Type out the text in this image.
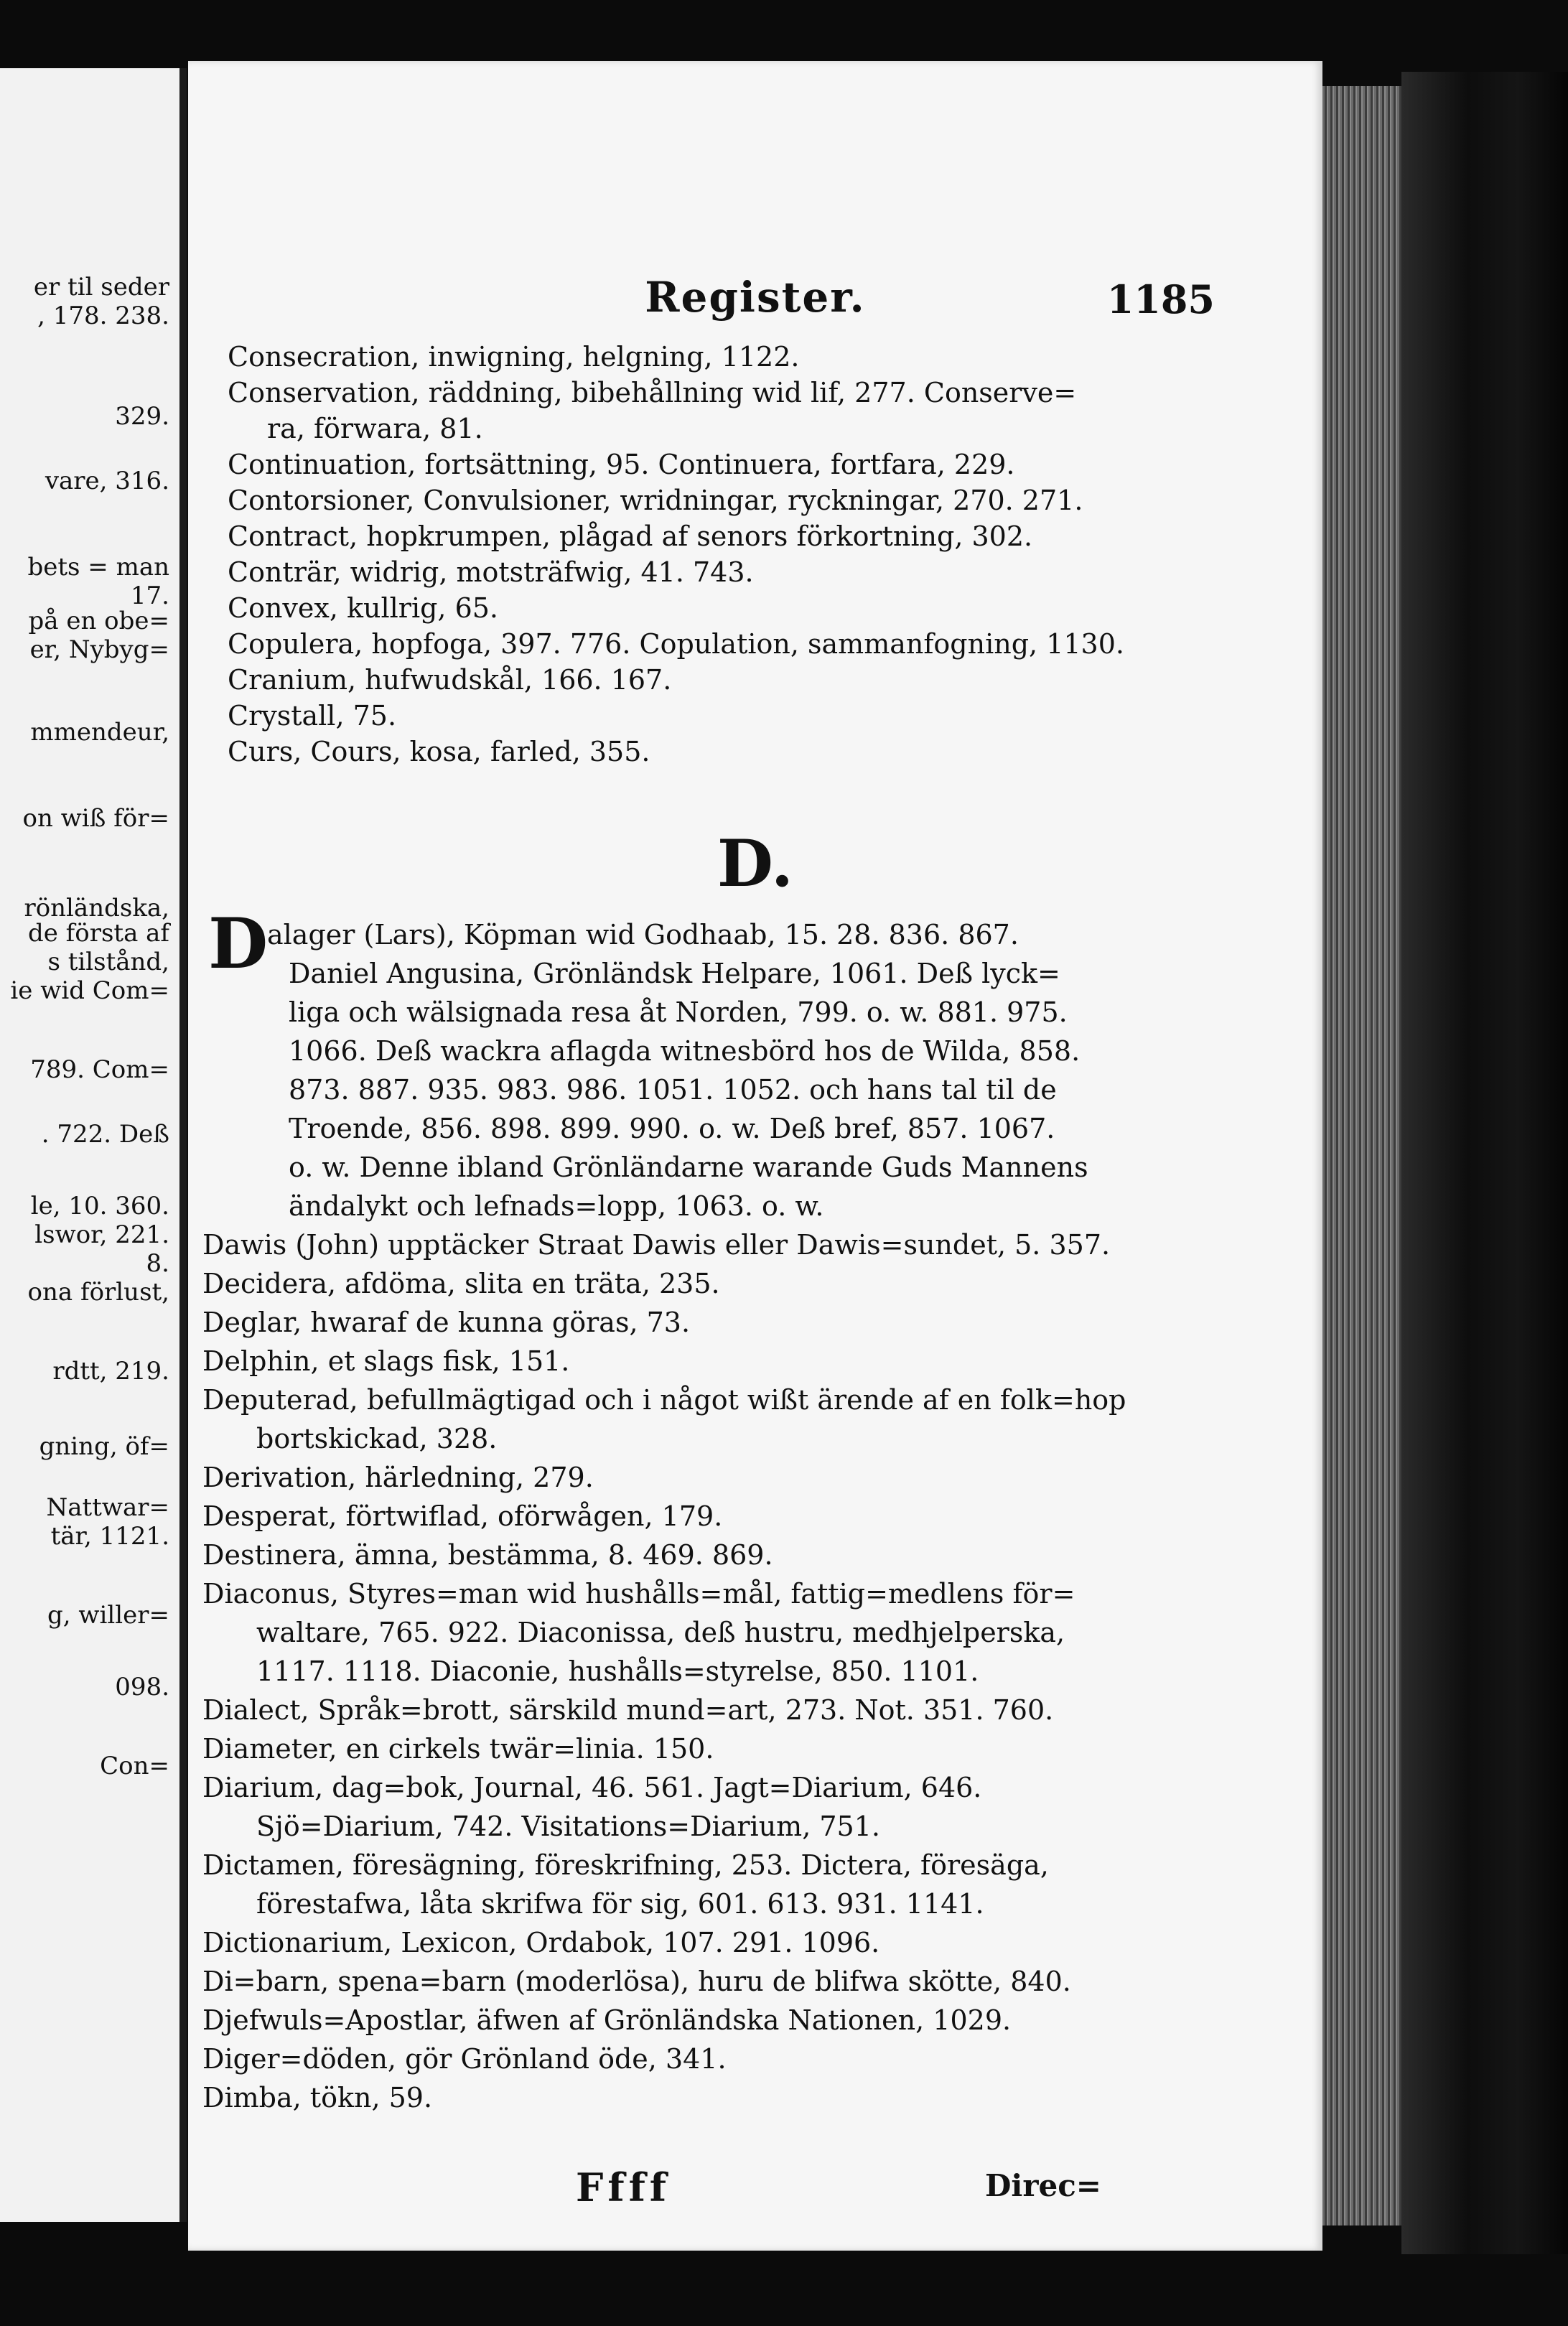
er til seder
, 178. 238.
329.
vare, 316.
bets = man
17.
på en obe=
er, Nybyg=
mmendeur,
on wiß för=
rönländska,
de första af
s tilstånd,
ie wid Com=
789. Com=
. 722. Deß
le, 10. 360.
lswor, 221.
8.
ona förlust,
rdtt, 219.
gning, öf=
Nattwar=
tär, 1121.
g, willer=
098.
Con=
Register.	1185
Consecration, inwigning, helgning, 1122.
Conservation, räddning, bibehållning wid lif, 277. Conserve=
ra, förwara, 81.
Continuation, fortsättning, 95. Continuera, fortfara, 229.
Contorsioner, Convulsioner, wridningar, ryckningar, 270. 271.
Contract, hopkrumpen, plågad af senors förkortning, 302.
Conträr, widrig, motsträfwig, 41. 743.
Convex, kullrig, 65.
Copulera, hopfoga, 397. 776. Copulation, sammanfogning, 1130.
Cranium, hufwudskål, 166. 167.
Crystall, 75.
Curs, Cours, kosa, farled, 355.
D.
D
alager (Lars), Köpman wid Godhaab, 15. 28. 836. 867.
Daniel Angusina, Grönländsk Helpare, 1061. Deß lyck=
liga och wälsignada resa åt Norden, 799. o. w. 881. 975.
1066. Deß wackra aflagda witnesbörd hos de Wilda, 858.
873. 887. 935. 983. 986. 1051. 1052. och hans tal til de
Troende, 856. 898. 899. 990. o. w. Deß bref, 857. 1067.
o. w. Denne ibland Grönländarne warande Guds Mannens
ändalykt och lefnads=lopp, 1063. o. w.
Dawis (John) upptäcker Straat Dawis eller Dawis=sundet, 5. 357.
Decidera, afdöma, slita en träta, 235.
Deglar, hwaraf de kunna göras, 73.
Delphin, et slags fisk, 151.
Deputerad, befullmägtigad och i något wißt ärende af en folk=hop
bortskickad, 328.
Derivation, härledning, 279.
Desperat, förtwiflad, oförwågen, 179.
Destinera, ämna, bestämma, 8. 469. 869.
Diaconus, Styres=man wid hushålls=mål, fattig=medlens för=
waltare, 765. 922. Diaconissa, deß hustru, medhjelperska,
1117. 1118. Diaconie, hushålls=styrelse, 850. 1101.
Dialect, Språk=brott, särskild mund=art, 273. Not. 351. 760.
Diameter, en cirkels twär=linia. 150.
Diarium, dag=bok, Journal, 46. 561. Jagt=Diarium, 646.
Sjö=Diarium, 742. Visitations=Diarium, 751.
Dictamen, föresägning, föreskrifning, 253. Dictera, föresäga,
förestafwa, låta skrifwa för sig, 601. 613. 931. 1141.
Dictionarium, Lexicon, Ordabok, 107. 291. 1096.
Di=barn, spena=barn (moderlösa), huru de blifwa skötte, 840.
Djefwuls=Apostlar, äfwen af Grönländska Nationen, 1029.
Diger=döden, gör Grönland öde, 341.
Dimba, tökn, 59.
Ffff	Direc=
